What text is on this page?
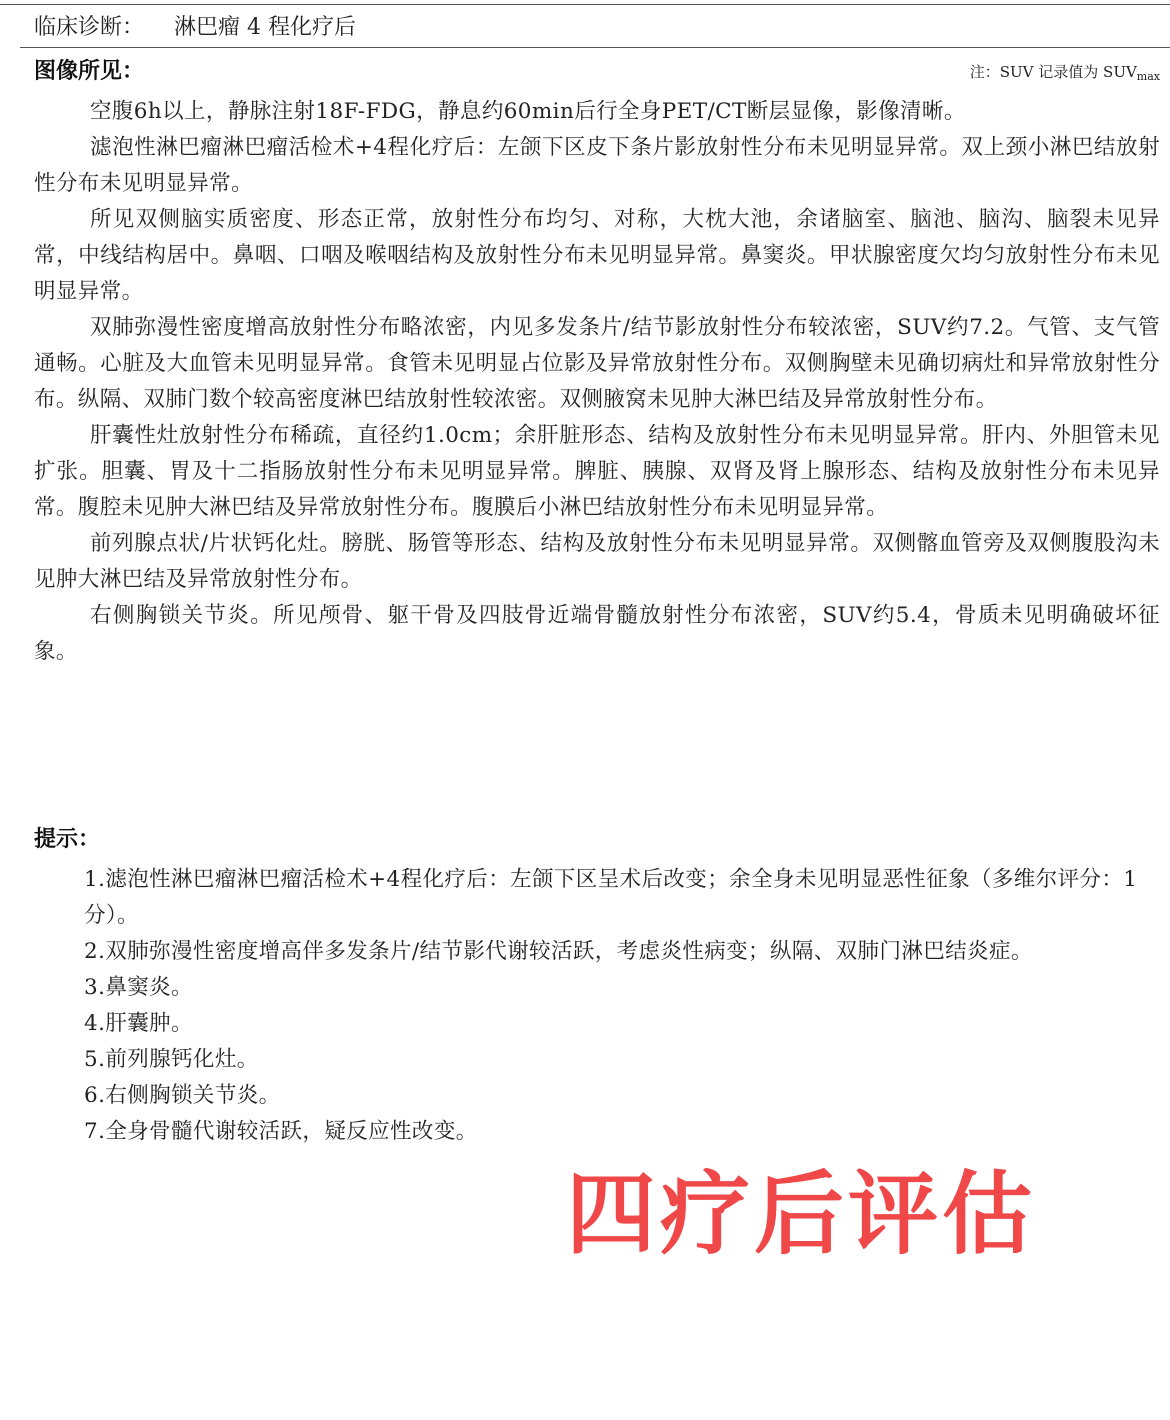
临床诊断： 淋巴瘤 4 程化疗后
图像所见：	注：SUV 记录值为 $SUV_{max}$

空腹6h以上，静脉注射18F-FDG，静息约60min后行全身PET/CT断层显像，影像清晰。

滤泡性淋巴瘤淋巴瘤活检术+4程化疗后：左颌下区皮下条片影放射性分布未见明显异常。双上颈小淋巴结放射性分布未见明显异常。

所见双侧脑实质密度、形态正常，放射性分布均匀、对称，大枕大池，余诸脑室、脑池、脑沟、脑裂未见异常，中线结构居中。鼻咽、口咽及喉咽结构及放射性分布未见明显异常。鼻窦炎。甲状腺密度欠均匀放射性分布未见明显异常。

双肺弥漫性密度增高放射性分布略浓密，内见多发条片/结节影放射性分布较浓密，SUV约7.2。气管、支气管通畅。心脏及大血管未见明显异常。食管未见明显占位影及异常放射性分布。双侧胸壁未见确切病灶和异常放射性分布。纵隔、双肺门数个较高密度淋巴结放射性较浓密。双侧腋窝未见肿大淋巴结及异常放射性分布。

肝囊性灶放射性分布稀疏，直径约1.0cm；余肝脏形态、结构及放射性分布未见明显异常。肝内、外胆管未见扩张。胆囊、胃及十二指肠放射性分布未见明显异常。脾脏、胰腺、双肾及肾上腺形态、结构及放射性分布未见异常。腹腔未见肿大淋巴结及异常放射性分布。腹膜后小淋巴结放射性分布未见明显异常。

前列腺点状/片状钙化灶。膀胱、肠管等形态、结构及放射性分布未见明显异常。双侧髂血管旁及双侧腹股沟未见肿大淋巴结及异常放射性分布。

右侧胸锁关节炎。所见颅骨、躯干骨及四肢骨近端骨髓放射性分布浓密，SUV约5.4，骨质未见明确破坏征象。

提示：
1.滤泡性淋巴瘤淋巴瘤活检术+4程化疗后：左颌下区呈术后改变；余全身未见明显恶性征象（多维尔评分：1分）。
2.双肺弥漫性密度增高伴多发条片/结节影代谢较活跃，考虑炎性病变；纵隔、双肺门淋巴结炎症。
3.鼻窦炎。
4.肝囊肿。
5.前列腺钙化灶。
6.右侧胸锁关节炎。
7.全身骨髓代谢较活跃，疑反应性改变。
四疗后评估
